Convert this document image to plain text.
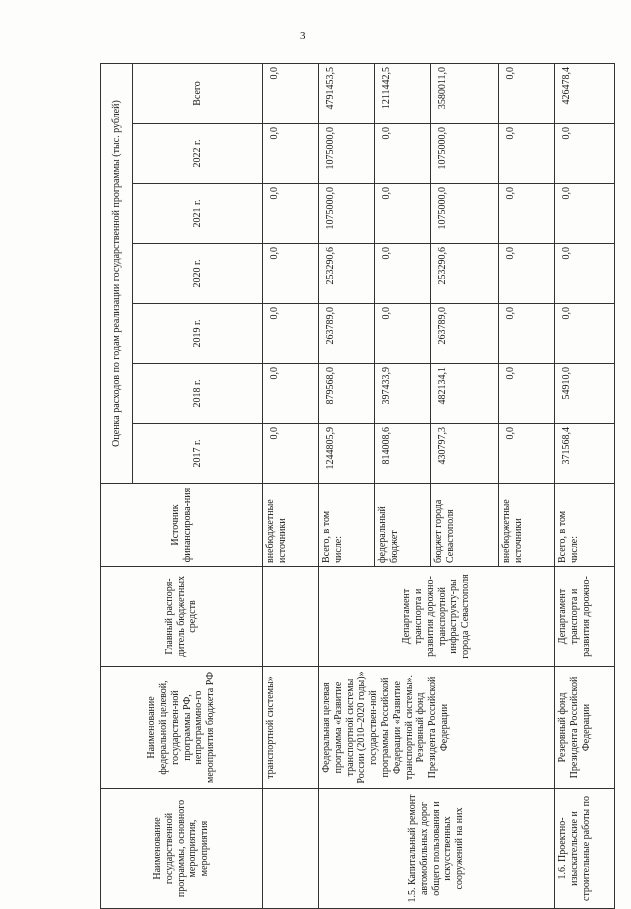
3
Наименование государственной программы, основного мероприятия, мероприятия	Наименование федеральной целевой, государствен-ной программы РФ, непрограммно-го мероприятия бюджета РФ	Главный распоря-дитель бюджетных средств	Источник финансирова-ния	Оценка расходов по годам реализации государственной программы (тыс. рублей)						
				2017 г.	2018 г.	2019 г.	2020 г.	2021 г.	2022 г.	Всего
	транспортной системы»		внебюджетные источники	0,0	0,0	0,0	0,0	0,0	0,0	0,0
1.5. Капитальный ремонт автомобильных дорог общего пользования и искусственных сооружений на них	Федеральная целевая программа «Развитие транспортной системы России (2010–2020 годы)» государствен-ной программы Российской Федерации «Развитие транспортной системы». Резервный фонд Президента Российской Федерации	Департамент транспорта и развития дорожно-транспортной инфраструкту-ры города Севастополя	Всего, в том числе:	1244805,9	879568,0	263789,0	253290,6	1075000,0	1075000,0	4791453,5
			федеральный бюджет	814008,6	397433,9	0,0	0,0	0,0	0,0	1211442,5
			бюджет города Севастополя	430797,3	482134,1	263789,0	253290,6	1075000,0	1075000,0	3580011,0
			внебюджетные источники	0,0	0,0	0,0	0,0	0,0	0,0	0,0
1.6. Проектно-изыскательские и строительные работы по	Резервный фонд Президента Российской Федерации	Департамент транспорта и развития дорожно-	Всего, в том числе:	371568,4	54910,0	0,0	0,0	0,0	0,0	426478,4
